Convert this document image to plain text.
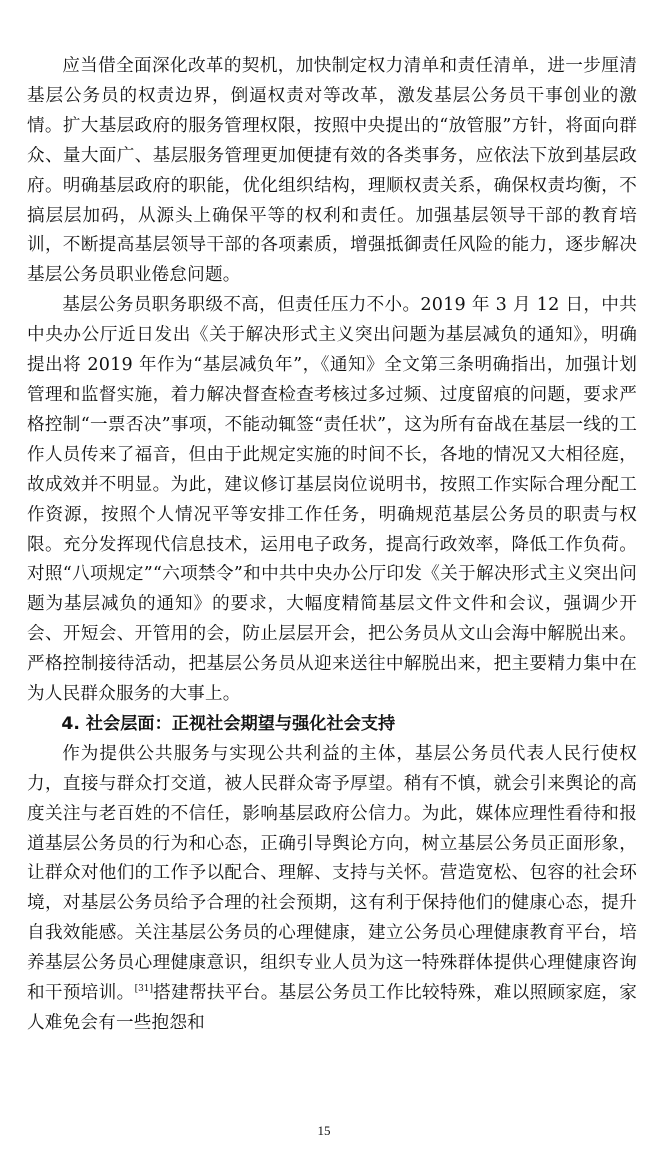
应当借全面深化改革的契机，加快制定权力清单和责任清单，进一步厘清基层公务员的权责边界，倒逼权责对等改革，激发基层公务员干事创业的激情。扩大基层政府的服务管理权限，按照中央提出的“放管服”方针，将面向群众、量大面广、基层服务管理更加便捷有效的各类事务，应依法下放到基层政府。明确基层政府的职能，优化组织结构，理顺权责关系，确保权责均衡，不搞层层加码，从源头上确保平等的权利和责任。加强基层领导干部的教育培训，不断提高基层领导干部的各项素质，增强抵御责任风险的能力，逐步解决基层公务员职业倦怠问题。

基层公务员职务职级不高，但责任压力不小。2019 年 3 月 12 日，中共中央办公厅近日发出《关于解决形式主义突出问题为基层减负的通知》，明确提出将 2019 年作为“基层减负年”，《通知》全文第三条明确指出，加强计划管理和监督实施，着力解决督查检查考核过多过频、过度留痕的问题，要求严格控制“一票否决”事项，不能动辄签“责任状”，这为所有奋战在基层一线的工作人员传来了福音，但由于此规定实施的时间不长，各地的情况又大相径庭，故成效并不明显。为此，建议修订基层岗位说明书，按照工作实际合理分配工作资源，按照个人情况平等安排工作任务，明确规范基层公务员的职责与权限。充分发挥现代信息技术，运用电子政务，提高行政效率，降低工作负荷。对照“八项规定”“六项禁令”和中共中央办公厅印发《关于解决形式主义突出问题为基层减负的通知》的要求，大幅度精简基层文件文件和会议，强调少开会、开短会、开管用的会，防止层层开会，把公务员从文山会海中解脱出来。严格控制接待活动，把基层公务员从迎来送往中解脱出来，把主要精力集中在为人民群众服务的大事上。

4. 社会层面：正视社会期望与强化社会支持

作为提供公共服务与实现公共利益的主体，基层公务员代表人民行使权力，直接与群众打交道，被人民群众寄予厚望。稍有不慎，就会引来舆论的高度关注与老百姓的不信任，影响基层政府公信力。为此，媒体应理性看待和报道基层公务员的行为和心态，正确引导舆论方向，树立基层公务员正面形象，让群众对他们的工作予以配合、理解、支持与关怀。营造宽松、包容的社会环境，对基层公务员给予合理的社会预期，这有利于保持他们的健康心态，提升自我效能感。关注基层公务员的心理健康，建立公务员心理健康教育平台，培养基层公务员心理健康意识，组织专业人员为这一特殊群体提供心理健康咨询和干预培训。[31]搭建帮扶平台。基层公务员工作比较特殊，难以照顾家庭，家人难免会有一些抱怨和

15
